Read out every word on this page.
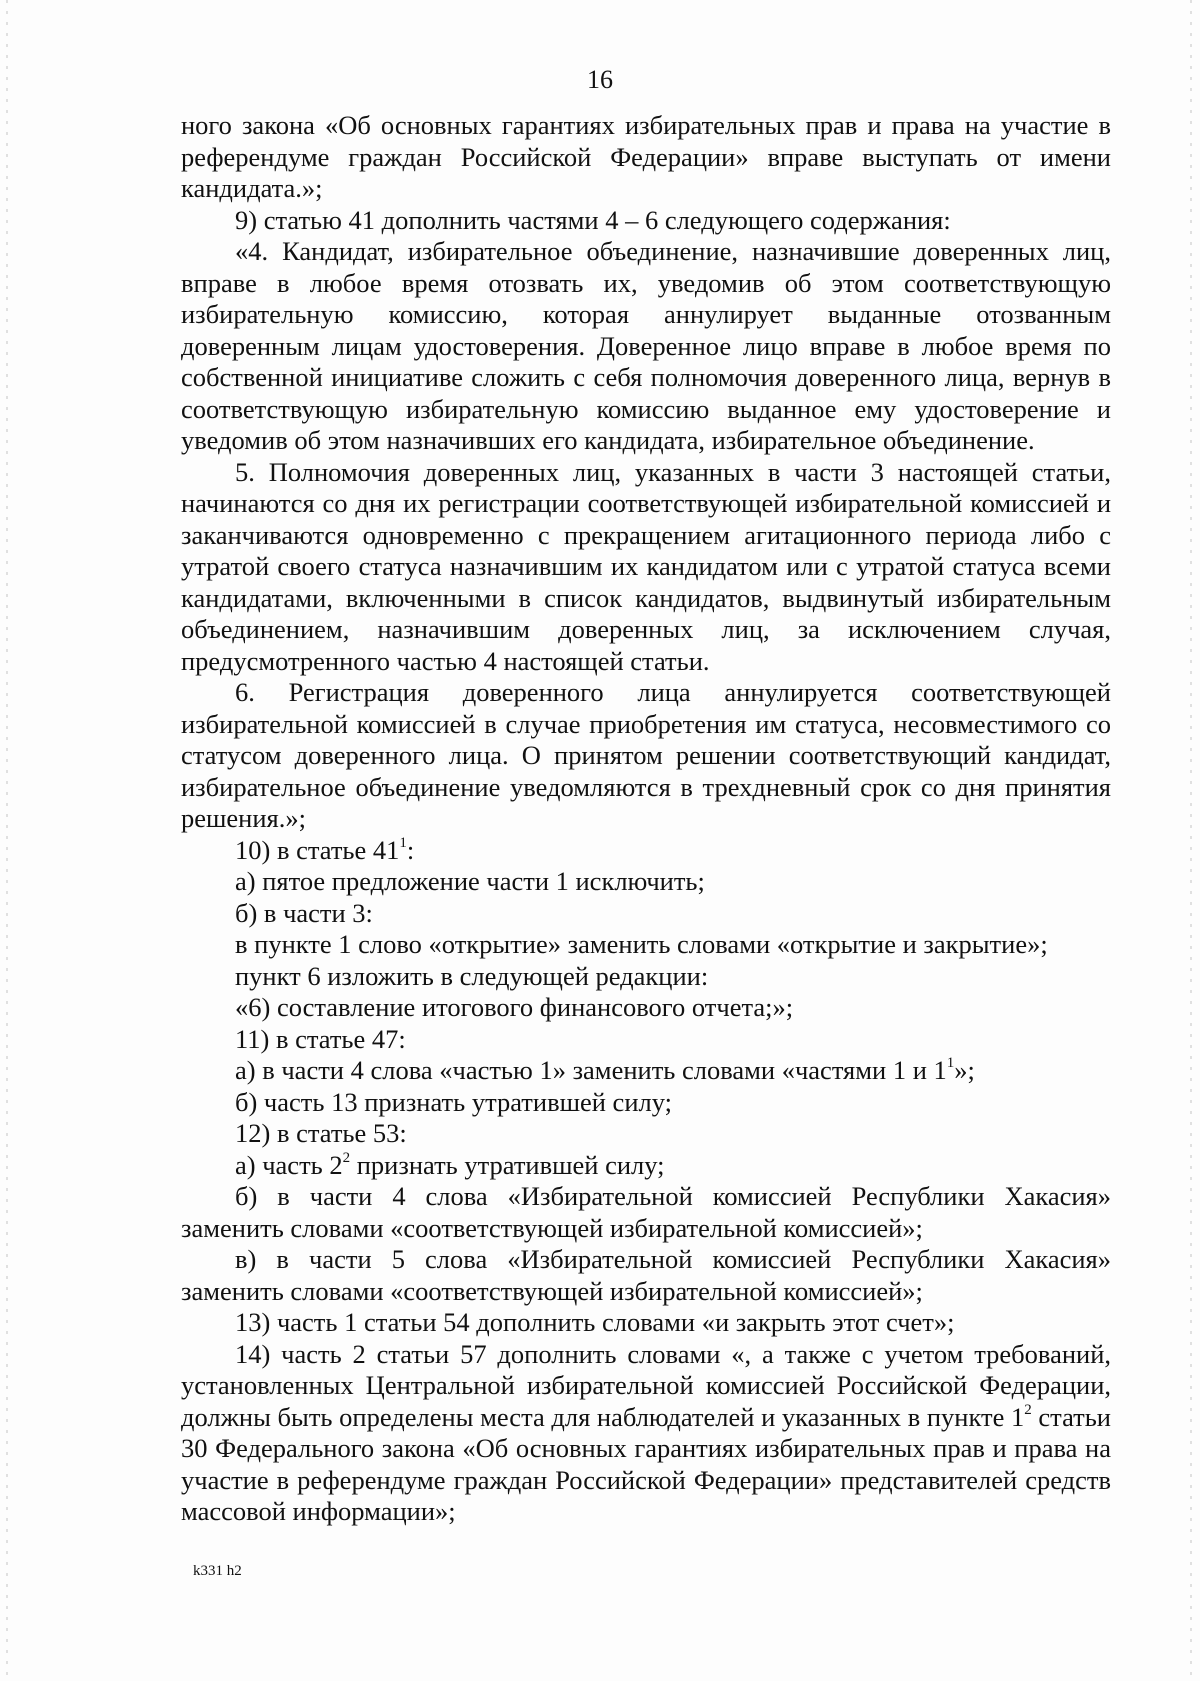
16

ного закона «Об основных гарантиях избирательных прав и права на участие в референдуме граждан Российской Федерации» вправе выступать от имени кандидата.»;

9) статью 41 дополнить частями 4 – 6 следующего содержания:

«4. Кандидат, избирательное объединение, назначившие доверенных лиц, вправе в любое время отозвать их, уведомив об этом соответствующую избирательную комиссию, которая аннулирует выданные отозванным доверенным лицам удостоверения. Доверенное лицо вправе в любое время по собственной инициативе сложить с себя полномочия доверенного лица, вернув в соответствующую избирательную комиссию выданное ему удостоверение и уведомив об этом назначивших его кандидата, избирательное объединение.

5. Полномочия доверенных лиц, указанных в части 3 настоящей статьи, начинаются со дня их регистрации соответствующей избирательной комиссией и заканчиваются одновременно с прекращением агитационного периода либо с утратой своего статуса назначившим их кандидатом или с утратой статуса всеми кандидатами, включенными в список кандидатов, выдвинутый избирательным объединением, назначившим доверенных лиц, за исключением случая, предусмотренного частью 4 настоящей статьи.

6. Регистрация доверенного лица аннулируется соответствующей избирательной комиссией в случае приобретения им статуса, несовместимого со статусом доверенного лица. О принятом решении соответствующий кандидат, избирательное объединение уведомляются в трехдневный срок со дня принятия решения.»;

10) в статье $41^1$:

а) пятое предложение части 1 исключить;

б) в части 3:

в пункте 1 слово «открытие» заменить словами «открытие и закрытие»;

пункт 6 изложить в следующей редакции:

«6) составление итогового финансового отчета;»;

11) в статье 47:

а) в части 4 слова «частью 1» заменить словами «частями 1 и $1^1$»;

б) часть 13 признать утратившей силу;

12) в статье 53:

а) часть $2^2$ признать утратившей силу;

б) в части 4 слова «Избирательной комиссией Республики Хакасия» заменить словами «соответствующей избирательной комиссией»;

в) в части 5 слова «Избирательной комиссией Республики Хакасия» заменить словами «соответствующей избирательной комиссией»;

13) часть 1 статьи 54 дополнить словами «и закрыть этот счет»;

14) часть 2 статьи 57 дополнить словами «, а также с учетом требований, установленных Центральной избирательной комиссией Российской Федерации, должны быть определены места для наблюдателей и указанных в пункте $1^2$ статьи 30 Федерального закона «Об основных гарантиях избирательных прав и права на участие в референдуме граждан Российской Федерации» представителей средств массовой информации»;

k331 h2
